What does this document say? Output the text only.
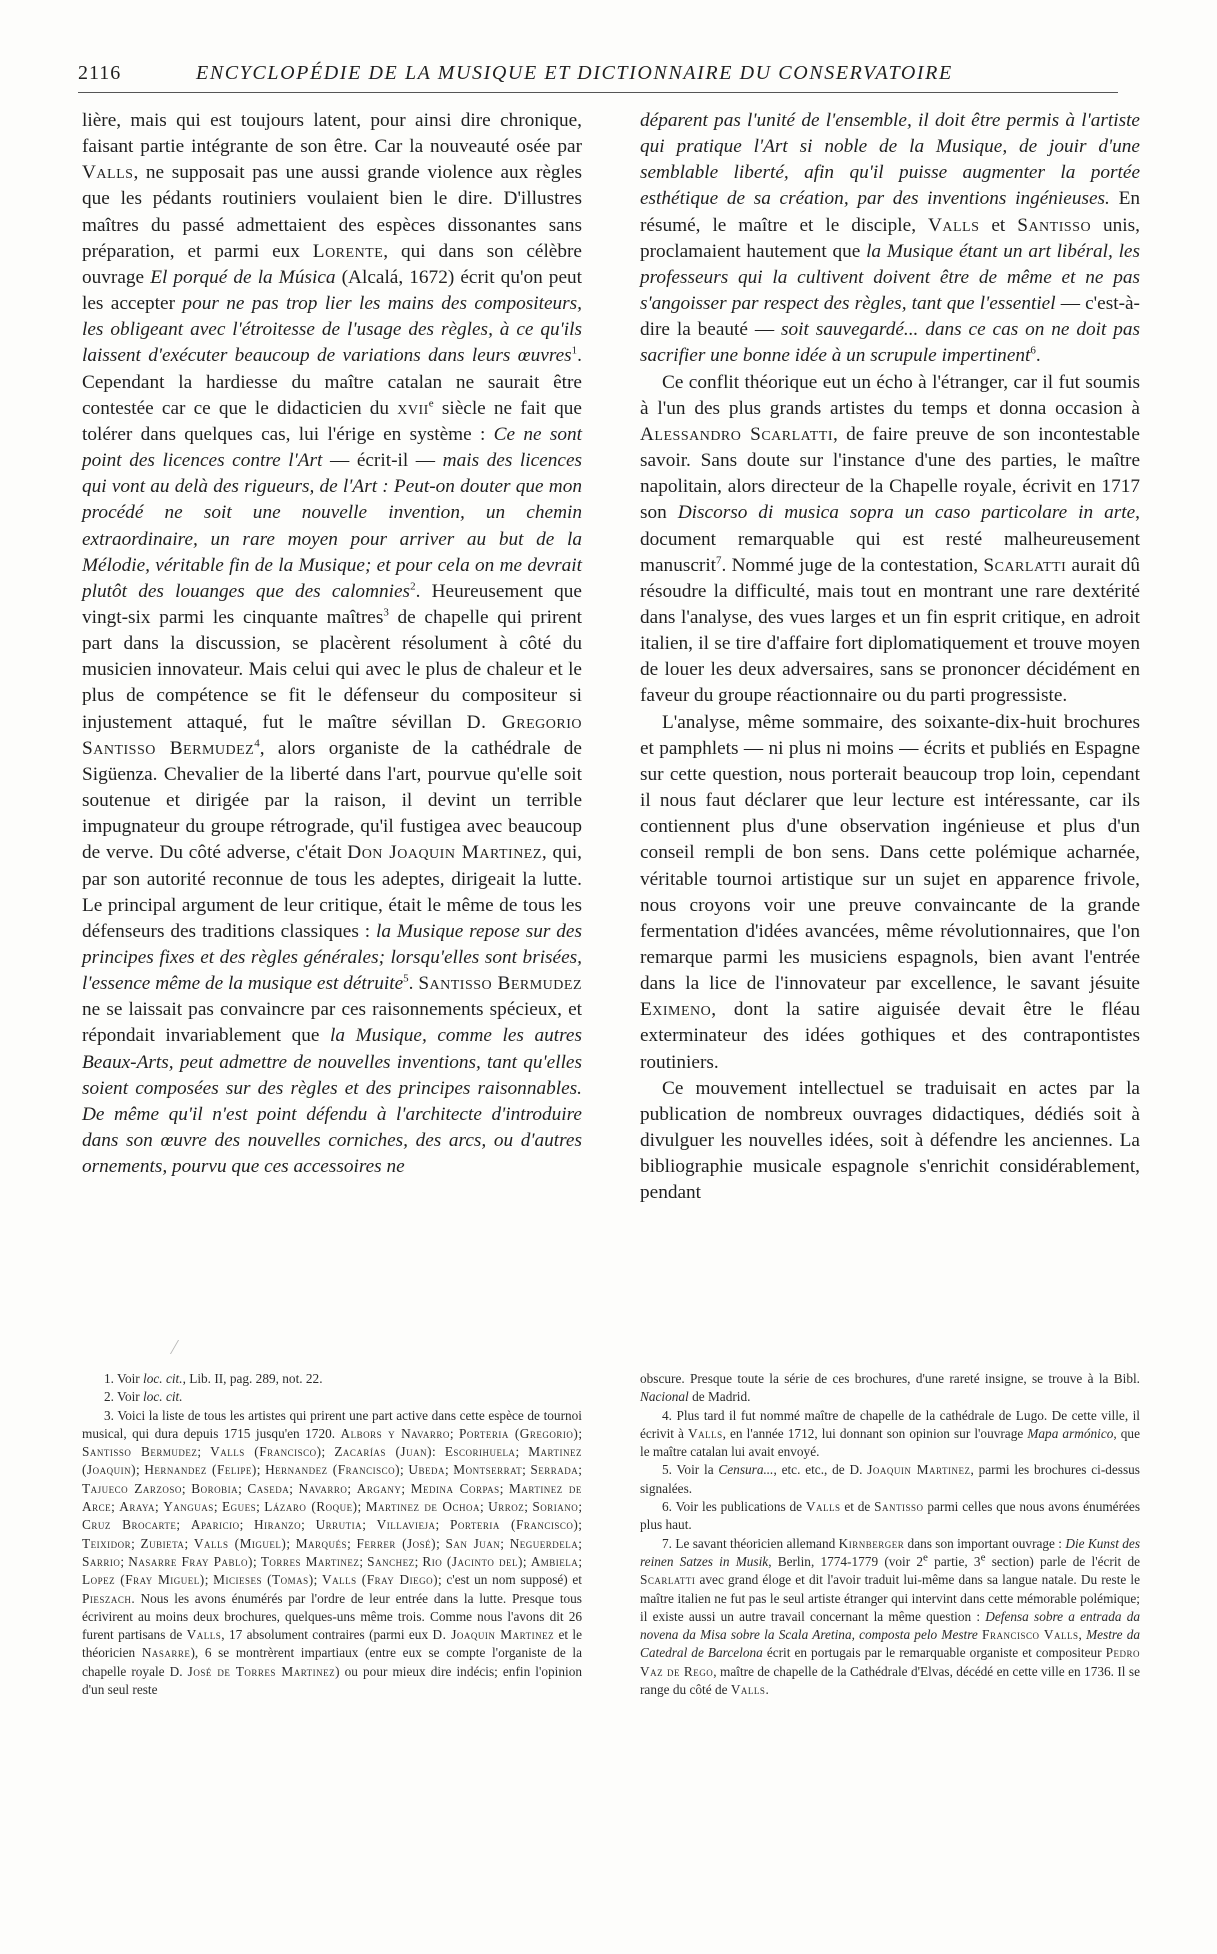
2116	ENCYCLOPÉDIE DE LA MUSIQUE ET DICTIONNAIRE DU CONSERVATOIRE

lière, mais qui est toujours latent, pour ainsi dire chronique, faisant partie intégrante de son être. Car la nouveauté osée par Valls, ne supposait pas une aussi grande violence aux règles que les pédants routiniers voulaient bien le dire. D'illustres maîtres du passé admettaient des espèces dissonantes sans préparation, et parmi eux Lorente, qui dans son célèbre ouvrage El porqué de la Música (Alcalá, 1672) écrit qu'on peut les accepter pour ne pas trop lier les mains des compositeurs, les obligeant avec l'étroitesse de l'usage des règles, à ce qu'ils laissent d'exécuter beaucoup de variations dans leurs œuvres$^1$. Cependant la hardiesse du maître catalan ne saurait être contestée car ce que le didacticien du xvii$^e$ siècle ne fait que tolérer dans quelques cas, lui l'érige en système : Ce ne sont point des licences contre l'Art — écrit-il — mais des licences qui vont au delà des rigueurs, de l'Art : Peut-on douter que mon procédé ne soit une nouvelle invention, un chemin extraordinaire, un rare moyen pour arriver au but de la Mélodie, véritable fin de la Musique; et pour cela on me devrait plutôt des louanges que des calomnies$^2$. Heureusement que vingt-six parmi les cinquante maîtres$^3$ de chapelle qui prirent part dans la discussion, se placèrent résolument à côté du musicien innovateur. Mais celui qui avec le plus de chaleur et le plus de compétence se fit le défenseur du compositeur si injustement attaqué, fut le maître sévillan D. Gregorio Santisso Bermudez$^4$, alors organiste de la cathédrale de Sigüenza. Chevalier de la liberté dans l'art, pourvue qu'elle soit soutenue et dirigée par la raison, il devint un terrible impugnateur du groupe rétrograde, qu'il fustigea avec beaucoup de verve. Du côté adverse, c'était Don Joaquin Martinez, qui, par son autorité reconnue de tous les adeptes, dirigeait la lutte. Le principal argument de leur critique, était le même de tous les défenseurs des traditions classiques : la Musique repose sur des principes fixes et des règles générales; lorsqu'elles sont brisées, l'essence même de la musique est détruite$^5$. Santisso Bermudez ne se laissait pas convaincre par ces raisonnements spécieux, et répondait invariablement que la Musique, comme les autres Beaux-Arts, peut admettre de nouvelles inventions, tant qu'elles soient composées sur des règles et des principes raisonnables. De même qu'il n'est point défendu à l'architecte d'introduire dans son œuvre des nouvelles corniches, des arcs, ou d'autres ornements, pourvu que ces accessoires ne

déparent pas l'unité de l'ensemble, il doit être permis à l'artiste qui pratique l'Art si noble de la Musique, de jouir d'une semblable liberté, afin qu'il puisse augmenter la portée esthétique de sa création, par des inventions ingénieuses. En résumé, le maître et le disciple, Valls et Santisso unis, proclamaient hautement que la Musique étant un art libéral, les professeurs qui la cultivent doivent être de même et ne pas s'angoisser par respect des règles, tant que l'essentiel — c'est-à-dire la beauté — soit sauvegardé... dans ce cas on ne doit pas sacrifier une bonne idée à un scrupule impertinent$^6$.

Ce conflit théorique eut un écho à l'étranger, car il fut soumis à l'un des plus grands artistes du temps et donna occasion à Alessandro Scarlatti, de faire preuve de son incontestable savoir. Sans doute sur l'instance d'une des parties, le maître napolitain, alors directeur de la Chapelle royale, écrivit en 1717 son Discorso di musica sopra un caso particolare in arte, document remarquable qui est resté malheureusement manuscrit$^7$. Nommé juge de la contestation, Scarlatti aurait dû résoudre la difficulté, mais tout en montrant une rare dextérité dans l'analyse, des vues larges et un fin esprit critique, en adroit italien, il se tire d'affaire fort diplomatiquement et trouve moyen de louer les deux adversaires, sans se prononcer décidément en faveur du groupe réactionnaire ou du parti progressiste.

L'analyse, même sommaire, des soixante-dix-huit brochures et pamphlets — ni plus ni moins — écrits et publiés en Espagne sur cette question, nous porterait beaucoup trop loin, cependant il nous faut déclarer que leur lecture est intéressante, car ils contiennent plus d'une observation ingénieuse et plus d'un conseil rempli de bon sens. Dans cette polémique acharnée, véritable tournoi artistique sur un sujet en apparence frivole, nous croyons voir une preuve convaincante de la grande fermentation d'idées avancées, même révolutionnaires, que l'on remarque parmi les musiciens espagnols, bien avant l'entrée dans la lice de l'innovateur par excellence, le savant jésuite Eximeno, dont la satire aiguisée devait être le fléau exterminateur des idées gothiques et des contrapontistes routiniers.

Ce mouvement intellectuel se traduisait en actes par la publication de nombreux ouvrages didactiques, dédiés soit à divulguer les nouvelles idées, soit à défendre les anciennes. La bibliographie musicale espagnole s'enrichit considérablement, pendant

1. Voir loc. cit., Lib. II, pag. 289, not. 22.

2. Voir loc. cit.

3. Voici la liste de tous les artistes qui prirent une part active dans cette espèce de tournoi musical, qui dura depuis 1715 jusqu'en 1720. Albors y Navarro; Porteria (Gregorio); Santisso Bermudez; Valls (Francisco); Zacarías (Juan): Escorihuela; Martinez (Joaquin); Hernandez (Felipe); Hernandez (Francisco); Ubeda; Montserrat; Serrada; Tajueco Zarzoso; Borobia; Caseda; Navarro; Argany; Medina Corpas; Martinez de Arce; Araya; Yanguas; Egues; Lázaro (Roque); Martinez de Ochoa; Urroz; Soriano; Cruz Brocarte; Aparicio; Hiranzo; Urrutia; Villavieja; Porteria (Francisco); Teixidor; Zubieta; Valls (Miguel); Marqués; Ferrer (José); San Juan; Neguerdela; Sarrio; Nasarre Fray Pablo); Torres Martinez; Sanchez; Rio (Jacinto del); Ambiela; Lopez (Fray Miguel); Micieses (Tomas); Valls (Fray Diego); c'est un nom supposé) et Pieszach. Nous les avons énumérés par l'ordre de leur entrée dans la lutte. Presque tous écrivirent au moins deux brochures, quelques-uns même trois. Comme nous l'avons dit 26 furent partisans de Valls, 17 absolument contraires (parmi eux D. Joaquin Martinez et le théoricien Nasarre), 6 se montrèrent impartiaux (entre eux se compte l'organiste de la chapelle royale D. José de Torres Martinez) ou pour mieux dire indécis; enfin l'opinion d'un seul reste

obscure. Presque toute la série de ces brochures, d'une rareté insigne, se trouve à la Bibl. Nacional de Madrid.

4. Plus tard il fut nommé maître de chapelle de la cathédrale de Lugo. De cette ville, il écrivit à Valls, en l'année 1712, lui donnant son opinion sur l'ouvrage Mapa armónico, que le maître catalan lui avait envoyé.

5. Voir la Censura..., etc. etc., de D. Joaquin Martinez, parmi les brochures ci-dessus signalées.

6. Voir les publications de Valls et de Santisso parmi celles que nous avons énumérées plus haut.

7. Le savant théoricien allemand Kirnberger dans son important ouvrage : Die Kunst des reinen Satzes in Musik, Berlin, 1774-1779 (voir 2e partie, 3e section) parle de l'écrit de Scarlatti avec grand éloge et dit l'avoir traduit lui-même dans sa langue natale. Du reste le maître italien ne fut pas le seul artiste étranger qui intervint dans cette mémorable polémique; il existe aussi un autre travail concernant la même question : Defensa sobre a entrada da novena da Misa sobre la Scala Aretina, composta pelo Mestre Francisco Valls, Mestre da Catedral de Barcelona écrit en portugais par le remarquable organiste et compositeur Pedro Vaz de Rego, maître de chapelle de la Cathédrale d'Elvas, décédé en cette ville en 1736. Il se range du côté de Valls.
